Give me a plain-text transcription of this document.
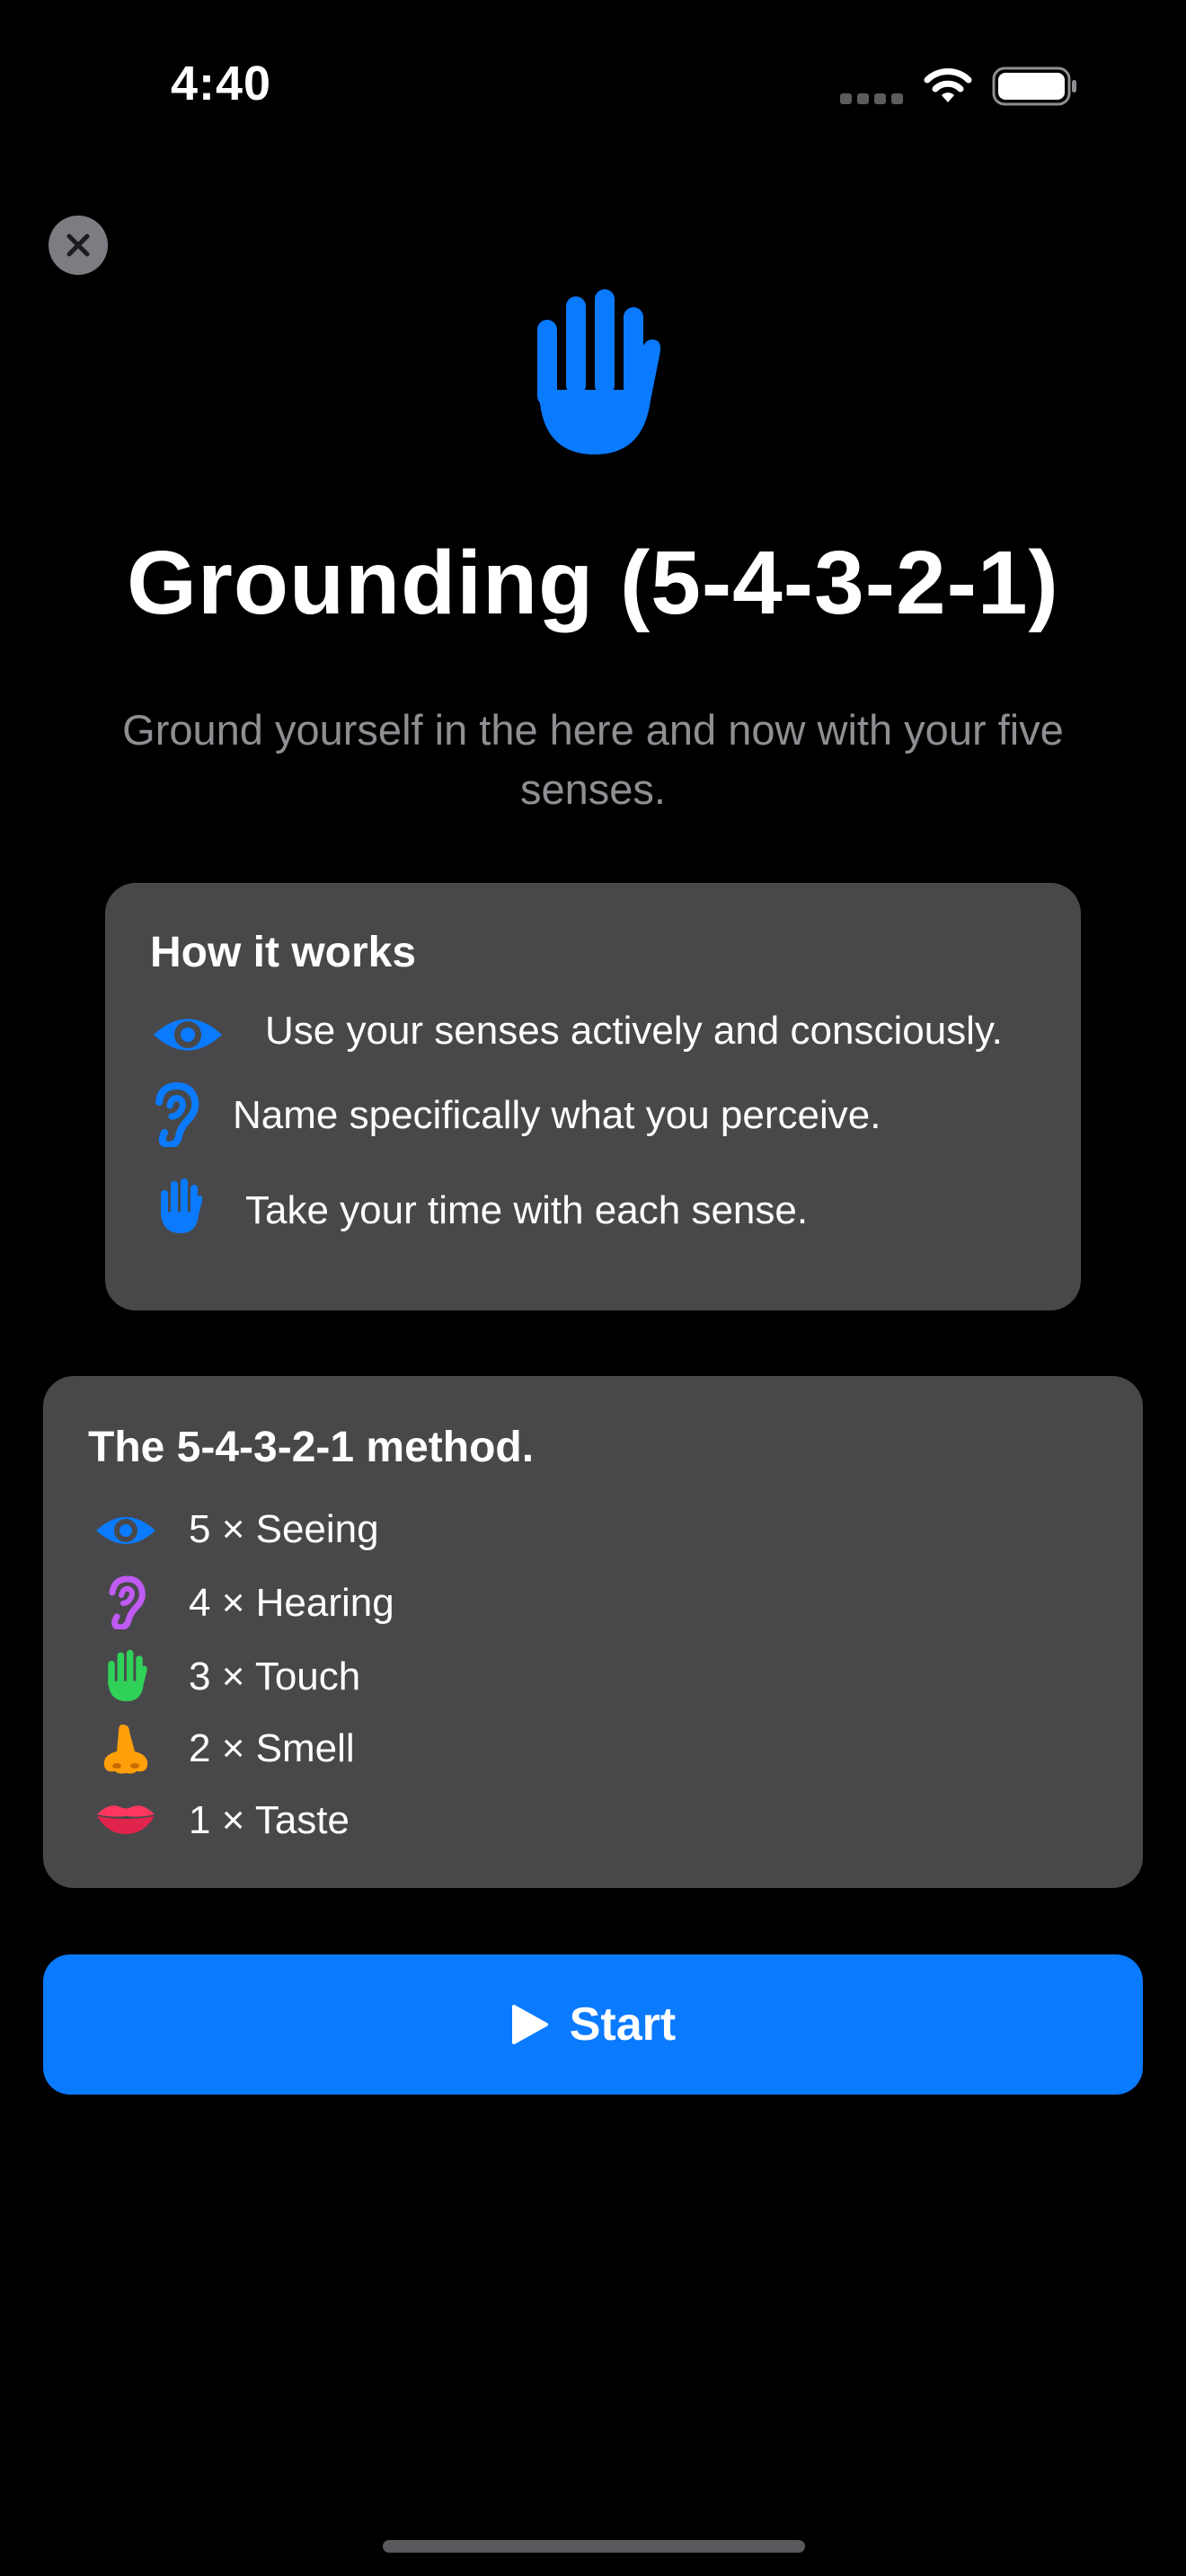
4:40
Grounding (5-4-3-2-1)
Ground yourself in the here and now with your five senses.
How it works
Use your senses actively and consciously.
Name specifically what you perceive.
Take your time with each sense.
The 5-4-3-2-1 method.
5 × Seeing
4 × Hearing
3 × Touch
2 × Smell
1 × Taste
Start
